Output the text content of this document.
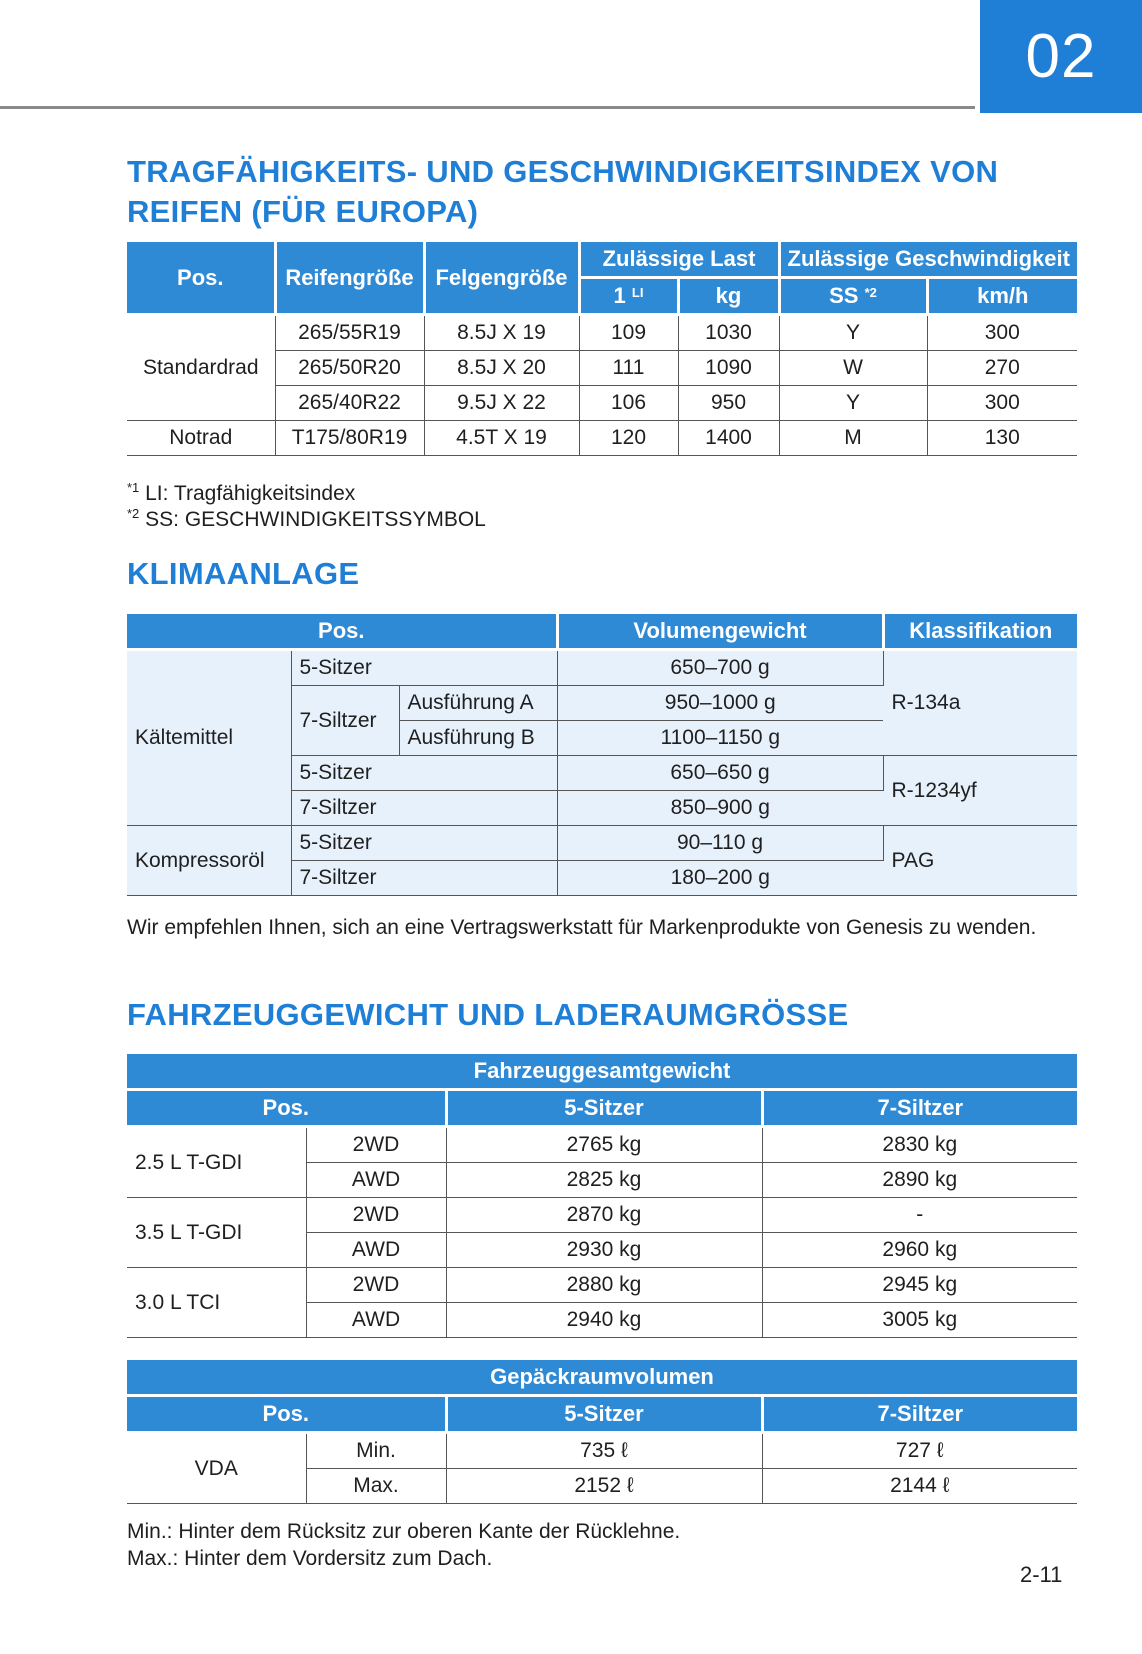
02
TRAGFÄHIGKEITS- UND GESCHWINDIGKEITSINDEX VON REIFEN (FÜR EUROPA)
Pos.	Reifengröße	Felgengröße	Zulässige Last		Zulässige Geschwindigkeit	
			1 $^{LI}$	kg	SS $^{*2}$	km/h
Standardrad	265/55R19	8.5J X 19	109	1030	Y	300
	265/50R20	8.5J X 20	111	1090	W	270
	265/40R22	9.5J X 22	106	950	Y	300
Notrad	T175/80R19	4.5T X 19	120	1400	M	130

$^{*1}$ LI: Tragfähigkeitsindex

$^{*2}$ SS: GESCHWINDIGKEITSSYMBOL

KLIMAANLAGE
Pos.			Volumengewicht	Klassifikation
Kältemittel	5-Sitzer		650–700 g	R-134a
	7-Siltzer	Ausführung A	950–1000 g	
		Ausführung B	1100–1150 g	
	5-Sitzer		650–650 g	R-1234yf
	7-Siltzer		850–900 g	
Kompressoröl	5-Sitzer		90–110 g	PAG
	7-Siltzer		180–200 g	

Wir empfehlen Ihnen, sich an eine Vertragswerkstatt für Markenprodukte von Genesis zu wenden.

FAHRZEUGGEWICHT UND LADERAUMGRÖSSE
Fahrzeuggesamtgewicht			
Pos.		5-Sitzer	7-Siltzer
2.5 L T-GDI	2WD	2765 kg	2830 kg
	AWD	2825 kg	2890 kg
3.5 L T-GDI	2WD	2870 kg	-
	AWD	2930 kg	2960 kg
3.0 L TCI	2WD	2880 kg	2945 kg
	AWD	2940 kg	3005 kg
Gepäckraumvolumen			
Pos.		5-Sitzer	7-Siltzer
VDA	Min.	735 ℓ	727 ℓ
	Max.	2152 ℓ	2144 ℓ

Min.: Hinter dem Rücksitz zur oberen Kante der Rücklehne.

Max.: Hinter dem Vordersitz zum Dach.

2-11
